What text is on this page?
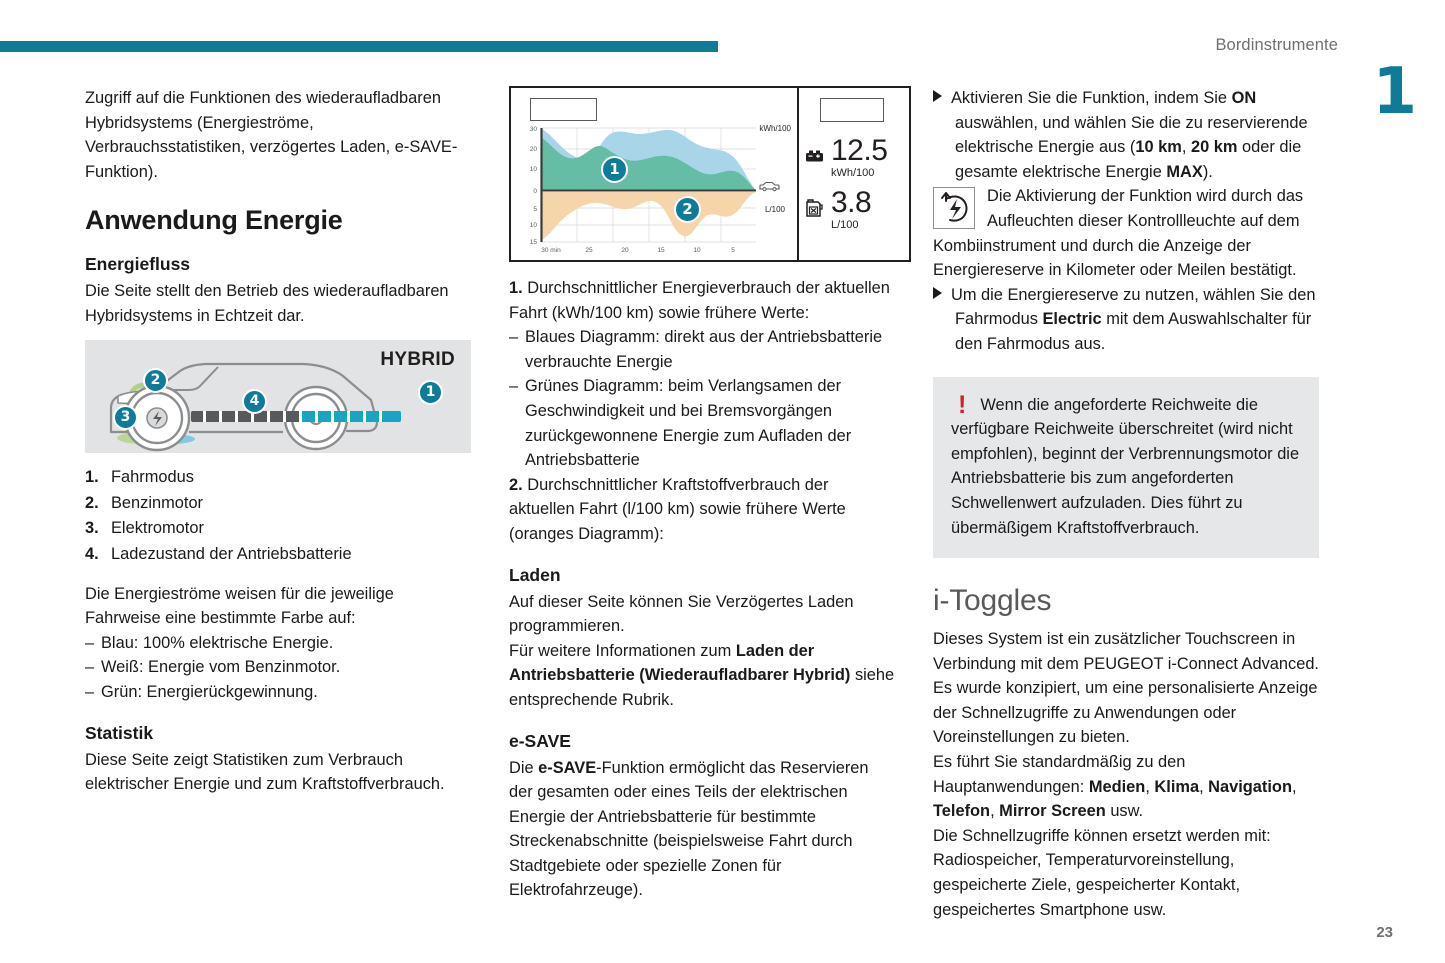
Bordinstrumente
1
23

Zugriff auf die Funktionen des wiederaufladbaren Hybridsystems (Energieströme, Verbrauchsstatistiken, verzögertes Laden, e-SAVE-Funktion).

Anwendung Energie
Energiefluss

Die Seite stellt den Betrieb des wiederaufladbaren Hybridsystems in Echtzeit dar.

HYBRID
1
2
3
4
1. Fahrmodus
2. Benzinmotor
3. Elektromotor
4. Ladezustand der Antriebsbatterie

Die Energieströme weisen für die jeweilige Fahrweise eine bestimmte Farbe auf:

– Blau: 100% elektrische Energie.
– Weiß: Energie vom Benzinmotor.
– Grün: Energierückgewinnung.
Statistik

Diese Seite zeigt Statistiken zum Verbrauch elektrischer Energie und zum Kraftstoffverbrauch.

30
20
10
0
5
10
15
30 min	25	20	15	10	5
kWh/100
L/100
1
2
12.5
kWh/100
3.8
L/100

1. Durchschnittlicher Energieverbrauch der aktuellen Fahrt (kWh/100 km) sowie frühere Werte:

– Blaues Diagramm: direkt aus der Antriebsbatterie verbrauchte Energie
– Grünes Diagramm: beim Verlangsamen der Geschwindigkeit und bei Bremsvorgängen zurückgewonnene Energie zum Aufladen der Antriebsbatterie

2. Durchschnittlicher Kraftstoffverbrauch der aktuellen Fahrt (l/100 km) sowie frühere Werte (oranges Diagramm):

Laden

Auf dieser Seite können Sie Verzögertes Laden programmieren.

Für weitere Informationen zum Laden der Antriebsbatterie (Wiederaufladbarer Hybrid) siehe entsprechende Rubrik.

e-SAVE

Die e-SAVE-Funktion ermöglicht das Reservieren der gesamten oder eines Teils der elektrischen Energie der Antriebsbatterie für bestimmte Streckenabschnitte (beispielsweise Fahrt durch Stadtgebiete oder spezielle Zonen für Elektrofahrzeuge).

Aktivieren Sie die Funktion, indem Sie ON auswählen, und wählen Sie die zu reservierende elektrische Energie aus (10 km, 20 km oder die gesamte elektrische Energie MAX).

Die Aktivierung der Funktion wird durch das Aufleuchten dieser Kontrollleuchte auf dem Kombiinstrument und durch die Anzeige der Energiereserve in Kilometer oder Meilen bestätigt.

Um die Energiereserve zu nutzen, wählen Sie den Fahrmodus Electric mit dem Auswahlschalter für den Fahrmodus aus.

! Wenn die angeforderte Reichweite die verfügbare Reichweite überschreitet (wird nicht empfohlen), beginnt der Verbrennungsmotor die Antriebsbatterie bis zum angeforderten Schwellenwert aufzuladen. Dies führt zu übermäßigem Kraftstoffverbrauch.
i-Toggles

Dieses System ist ein zusätzlicher Touchscreen in Verbindung mit dem PEUGEOT i-Connect Advanced. Es wurde konzipiert, um eine personalisierte Anzeige der Schnellzugriffe zu Anwendungen oder Voreinstellungen zu bieten.

Es führt Sie standardmäßig zu den Hauptanwendungen: Medien, Klima, Navigation, Telefon, Mirror Screen usw.

Die Schnellzugriffe können ersetzt werden mit: Radiospeicher, Temperaturvoreinstellung, gespeicherte Ziele, gespeicherter Kontakt, gespeichertes Smartphone usw.
